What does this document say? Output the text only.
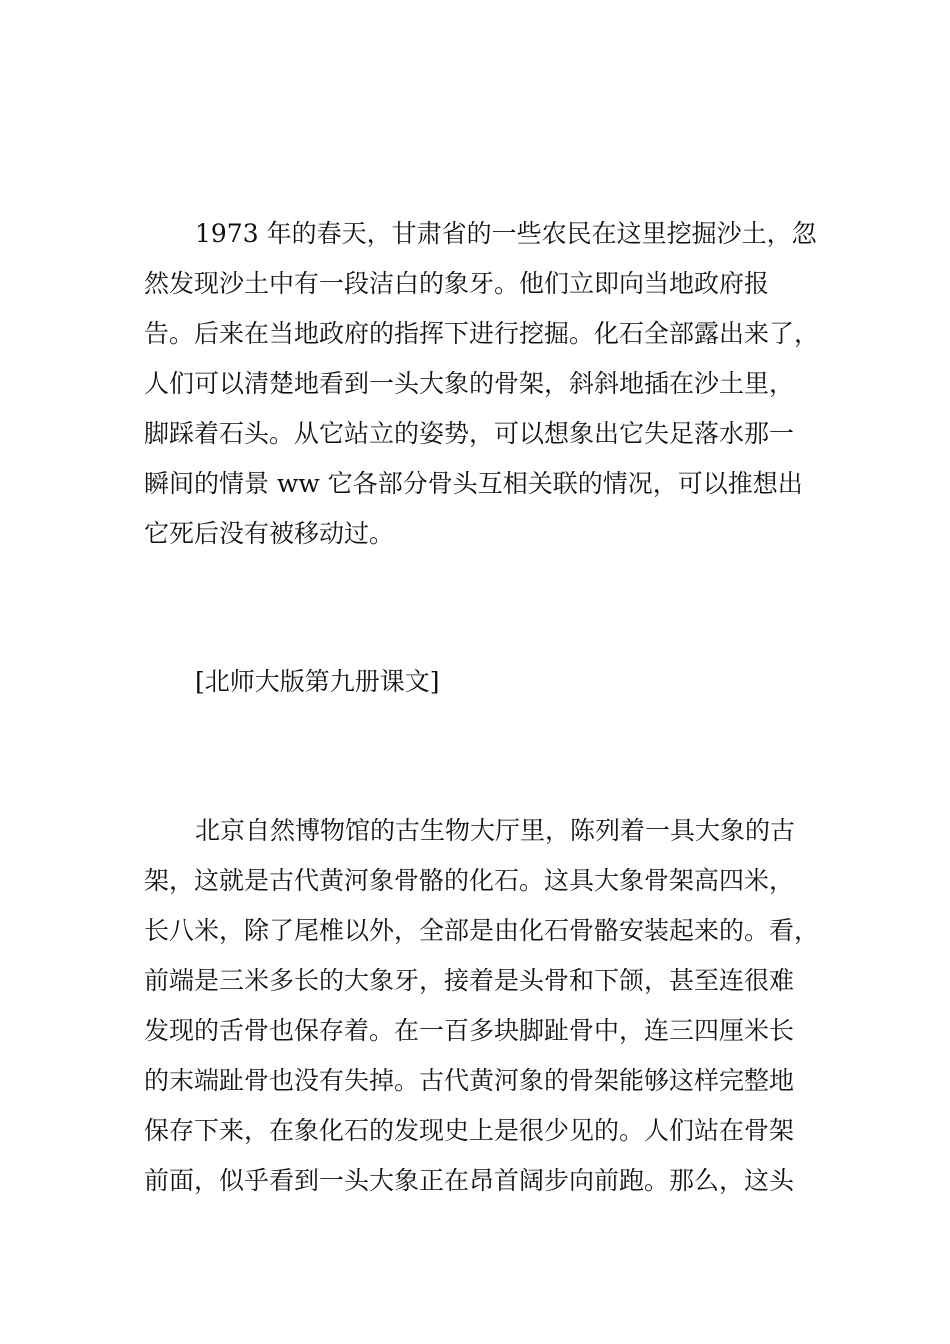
1973 年的春天，甘肃省的一些农民在这里挖掘沙土，忽

然发现沙土中有一段洁白的象牙。他们立即向当地政府报

告。后来在当地政府的指挥下进行挖掘。化石全部露出来了，

人们可以清楚地看到一头大象的骨架，斜斜地插在沙土里，

脚踩着石头。从它站立的姿势，可以想象出它失足落水那一

瞬间的情景 ww 它各部分骨头互相关联的情况，可以推想出

它死后没有被移动过。

[北师大版第九册课文]

北京自然博物馆的古生物大厅里，陈列着一具大象的古

架，这就是古代黄河象骨骼的化石。这具大象骨架高四米，

长八米，除了尾椎以外，全部是由化石骨骼安装起来的。看，

前端是三米多长的大象牙，接着是头骨和下颌，甚至连很难

发现的舌骨也保存着。在一百多块脚趾骨中，连三四厘米长

的末端趾骨也没有失掉。古代黄河象的骨架能够这样完整地

保存下来，在象化石的发现史上是很少见的。人们站在骨架

前面，似乎看到一头大象正在昂首阔步向前跑。那么，这头
